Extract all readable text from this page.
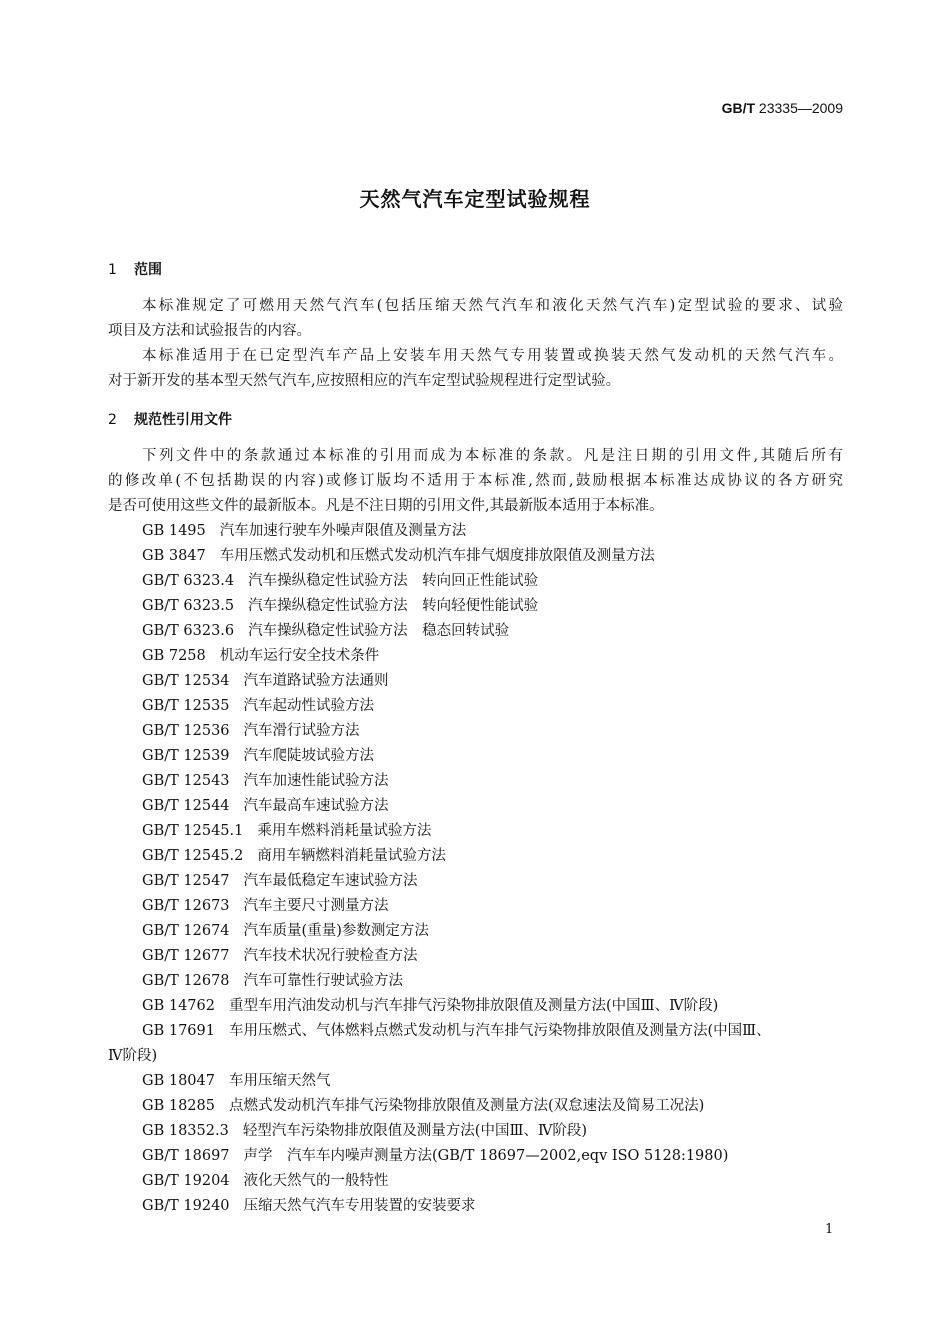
GB/T 23335—2009
天然气汽车定型试验规程
1 范围
本标准规定了可燃用天然气汽车(包括压缩天然气汽车和液化天然气汽车)定型试验的要求、试验
项目及方法和试验报告的内容。
本标准适用于在已定型汽车产品上安装车用天然气专用装置或换装天然气发动机的天然气汽车。
对于新开发的基本型天然气汽车,应按照相应的汽车定型试验规程进行定型试验。
2 规范性引用文件
下列文件中的条款通过本标准的引用而成为本标准的条款。凡是注日期的引用文件,其随后所有
的修改单(不包括勘误的内容)或修订版均不适用于本标准,然而,鼓励根据本标准达成协议的各方研究
是否可使用这些文件的最新版本。凡是不注日期的引用文件,其最新版本适用于本标准。
GB 1495 汽车加速行驶车外噪声限值及测量方法
GB 3847 车用压燃式发动机和压燃式发动机汽车排气烟度排放限值及测量方法
GB/T 6323.4 汽车操纵稳定性试验方法　转向回正性能试验
GB/T 6323.5 汽车操纵稳定性试验方法　转向轻便性能试验
GB/T 6323.6 汽车操纵稳定性试验方法　稳态回转试验
GB 7258 机动车运行安全技术条件
GB/T 12534 汽车道路试验方法通则
GB/T 12535 汽车起动性试验方法
GB/T 12536 汽车滑行试验方法
GB/T 12539 汽车爬陡坡试验方法
GB/T 12543 汽车加速性能试验方法
GB/T 12544 汽车最高车速试验方法
GB/T 12545.1 乘用车燃料消耗量试验方法
GB/T 12545.2 商用车辆燃料消耗量试验方法
GB/T 12547 汽车最低稳定车速试验方法
GB/T 12673 汽车主要尺寸测量方法
GB/T 12674 汽车质量(重量)参数测定方法
GB/T 12677 汽车技术状况行驶检查方法
GB/T 12678 汽车可靠性行驶试验方法
GB 14762 重型车用汽油发动机与汽车排气污染物排放限值及测量方法(中国Ⅲ、Ⅳ阶段)
GB 17691 车用压燃式、气体燃料点燃式发动机与汽车排气污染物排放限值及测量方法(中国Ⅲ、
Ⅳ阶段)
GB 18047 车用压缩天然气
GB 18285 点燃式发动机汽车排气污染物排放限值及测量方法(双怠速法及简易工况法)
GB 18352.3 轻型汽车污染物排放限值及测量方法(中国Ⅲ、Ⅳ阶段)
GB/T 18697 声学　汽车车内噪声测量方法(GB/T 18697—2002,eqv ISO 5128:1980)
GB/T 19204 液化天然气的一般特性
GB/T 19240 压缩天然气汽车专用装置的安装要求
1
